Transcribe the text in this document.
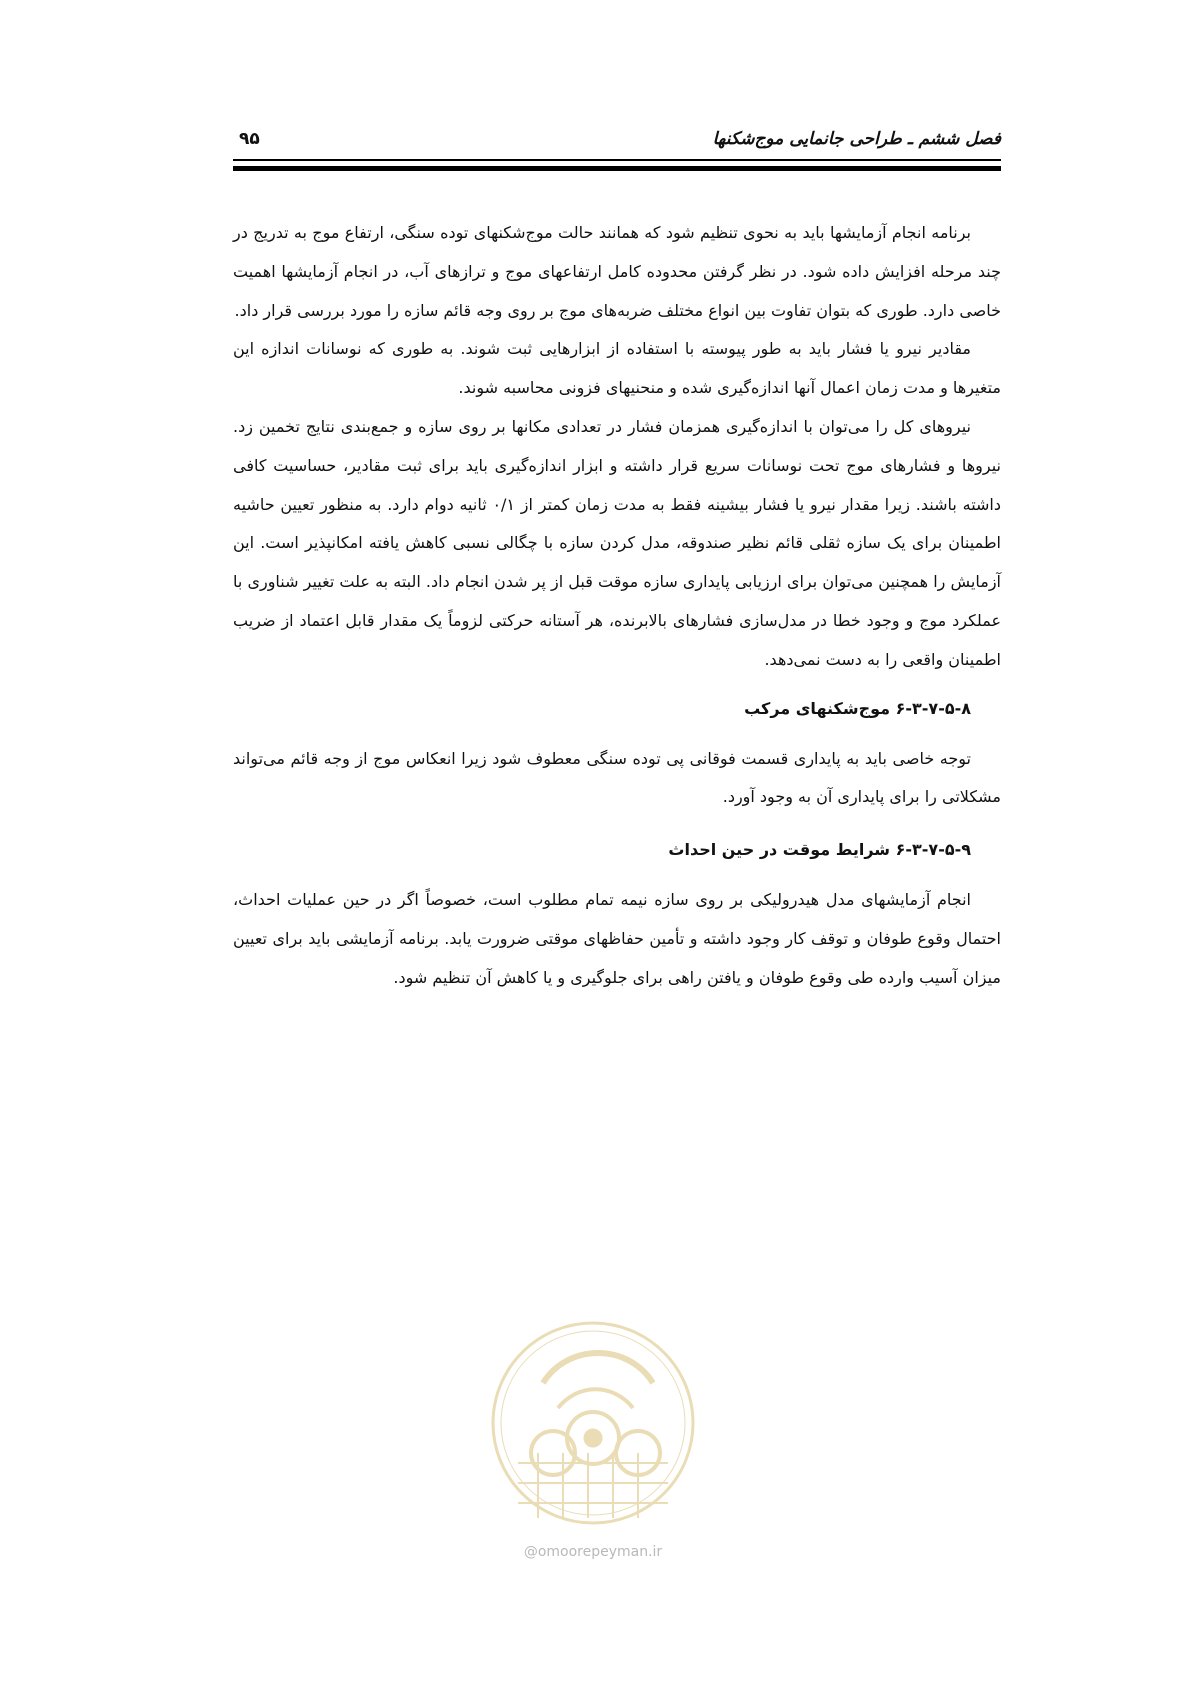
فصل ششم ـ طراحی جانمایی موج‌شکنها
۹۵

برنامه انجام آزمایشها باید به نحوی تنظیم شود که همانند حالت موج‌شکنهای توده سنگی، ارتفاع موج به تدریج در چند مرحله افزایش داده شود. در نظر گرفتن محدوده کامل ارتفاعهای موج و ترازهای آب، در انجام آزمایشها اهمیت خاصی دارد. طوری که بتوان تفاوت بین انواع مختلف ضربه‌های موج بر روی وجه قائم سازه را مورد بررسی قرار داد.

مقادیر نیرو یا فشار باید به طور پیوسته با استفاده از ابزارهایی ثبت شوند. به طوری که نوسانات اندازه این متغیرها و مدت زمان اعمال آنها اندازه‌گیری شده و منحنیهای فزونی محاسبه شوند.

نیروهای کل را می‌توان با اندازه‌گیری همزمان فشار در تعدادی مکانها بر روی سازه و جمع‌بندی نتایج تخمین زد. نیروها و فشارهای موج تحت نوسانات سریع قرار داشته و ابزار اندازه‌گیری باید برای ثبت مقادیر، حساسیت کافی داشته باشند. زیرا مقدار نیرو یا فشار بیشینه فقط به مدت زمان کمتر از ۰/۱ ثانیه دوام دارد. به منظور تعیین حاشیه اطمینان برای یک سازه ثقلی قائم نظیر صندوقه، مدل کردن سازه با چگالی نسبی کاهش یافته امکانپذیر است. این آزمایش را همچنین می‌توان برای ارزیابی پایداری سازه موقت قبل از پر شدن انجام داد. البته به علت تغییر شناوری با عملکرد موج و وجود خطا در مدل‌سازی فشارهای بالابرنده، هر آستانه حرکتی لزوماً یک مقدار قابل اعتماد از ضریب اطمینان واقعی را به دست نمی‌دهد.

۶-۳-۷-۵-۸ موج‌شکنهای مرکب

توجه خاصی باید به پایداری قسمت فوقانی پی توده سنگی معطوف شود زیرا انعکاس موج از وجه قائم می‌تواند مشکلاتی را برای پایداری آن به وجود آورد.

۶-۳-۷-۵-۹ شرایط موقت در حین احداث

انجام آزمایشهای مدل هیدرولیکی بر روی سازه نیمه تمام مطلوب است، خصوصاً اگر در حین عملیات احداث، احتمال وقوع طوفان و توقف کار وجود داشته و تأمین حفاظهای موقتی ضرورت یابد. برنامه آزمایشی باید برای تعیین میزان آسیب وارده طی وقوع طوفان و یافتن راهی برای جلوگیری و یا کاهش آن تنظیم شود.

@omoorepeyman.ir
